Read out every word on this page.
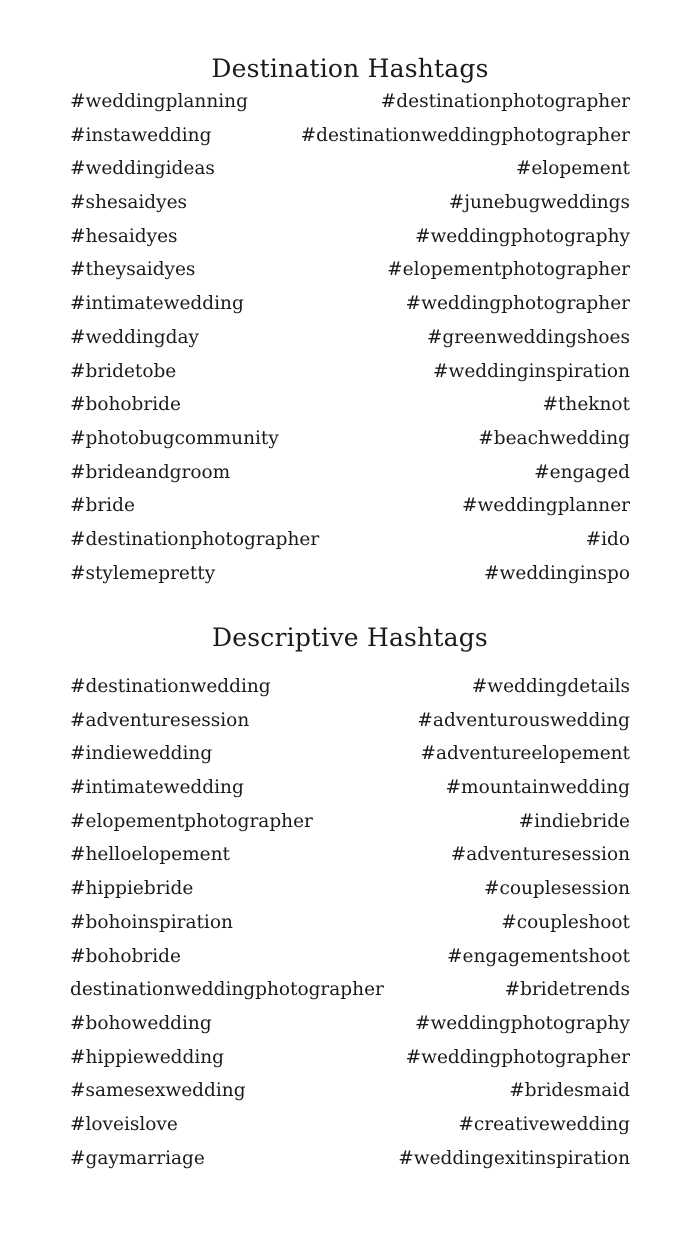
Destination Hashtags
#weddingplanning	#destinationphotographer
#instawedding	#destinationweddingphotographer
#weddingideas	#elopement
#shesaidyes	#junebugweddings
#hesaidyes	#weddingphotography
#theysaidyes	#elopementphotographer
#intimatewedding	#weddingphotographer
#weddingday	#greenweddingshoes
#bridetobe	#weddinginspiration
#bohobride	#theknot
#photobugcommunity	#beachwedding
#brideandgroom	#engaged
#bride	#weddingplanner
#destinationphotographer	#ido
#stylemepretty	#weddinginspo
Descriptive Hashtags
#destinationwedding	#weddingdetails
#adventuresession	#adventurouswedding
#indiewedding	#adventureelopement
#intimatewedding	#mountainwedding
#elopementphotographer	#indiebride
#helloelopement	#adventuresession
#hippiebride	#couplesession
#bohoinspiration	#coupleshoot
#bohobride	#engagementshoot
destinationweddingphotographer	#bridetrends
#bohowedding	#weddingphotography
#hippiewedding	#weddingphotographer
#samesexwedding	#bridesmaid
#loveislove	#creativewedding
#gaymarriage	#weddingexitinspiration
